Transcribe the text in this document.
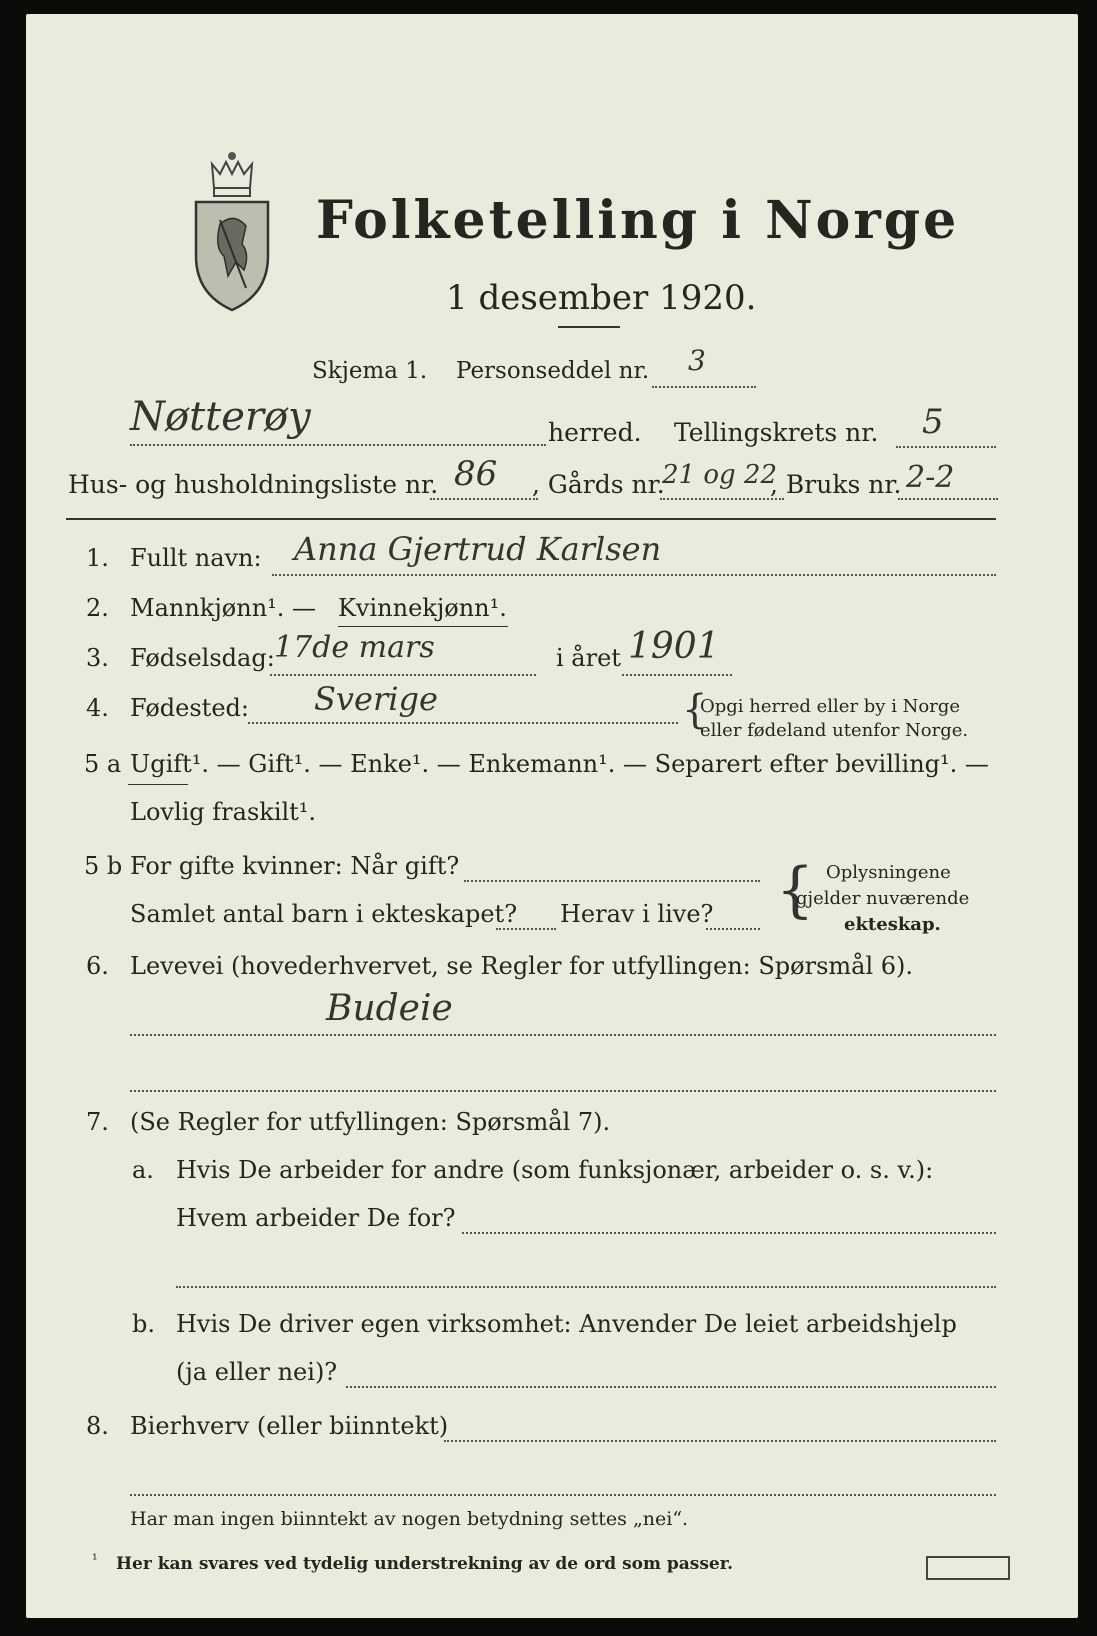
Folketelling i Norge
1 desember 1920.
Skjema 1. Personseddel nr. 3
Nøtterøy	herred. Tellingskrets nr. 5
Hus- og husholdningsliste nr. 86 , Gårds nr.
21 og 22
, Bruks nr. 2-2
1. Fullt navn: Anna Gjertrud Karlsen
2. Mannkjønn¹. — Kvinnekjønn¹.
3. Fødselsdag: 17de mars	i året 1901
4. Fødested: Sverige	{
Opgi herred eller by i Norge
eller fødeland utenfor Norge.
5 a Ugift¹. — Gift¹. — Enke¹. — Enkemann¹. — Separert efter bevilling¹. —
Lovlig fraskilt¹.
5 b For gifte kvinner: Når gift?
Samlet antal barn i ekteskapet? Herav i live? { Oplysningene
gjelder nuværende
ekteskap.
6. Levevei (hovederhvervet, se Regler for utfyllingen: Spørsmål 6).
Budeie
7. (Se Regler for utfyllingen: Spørsmål 7).
a. Hvis De arbeider for andre (som funksjonær, arbeider o. s. v.):
Hvem arbeider De for?
b. Hvis De driver egen virksomhet: Anvender De leiet arbeidshjelp
(ja eller nei)?
8. Bierhverv (eller biinntekt)
Har man ingen biinntekt av nogen betydning settes „nei“.
¹ Her kan svares ved tydelig understrekning av de ord som passer.
